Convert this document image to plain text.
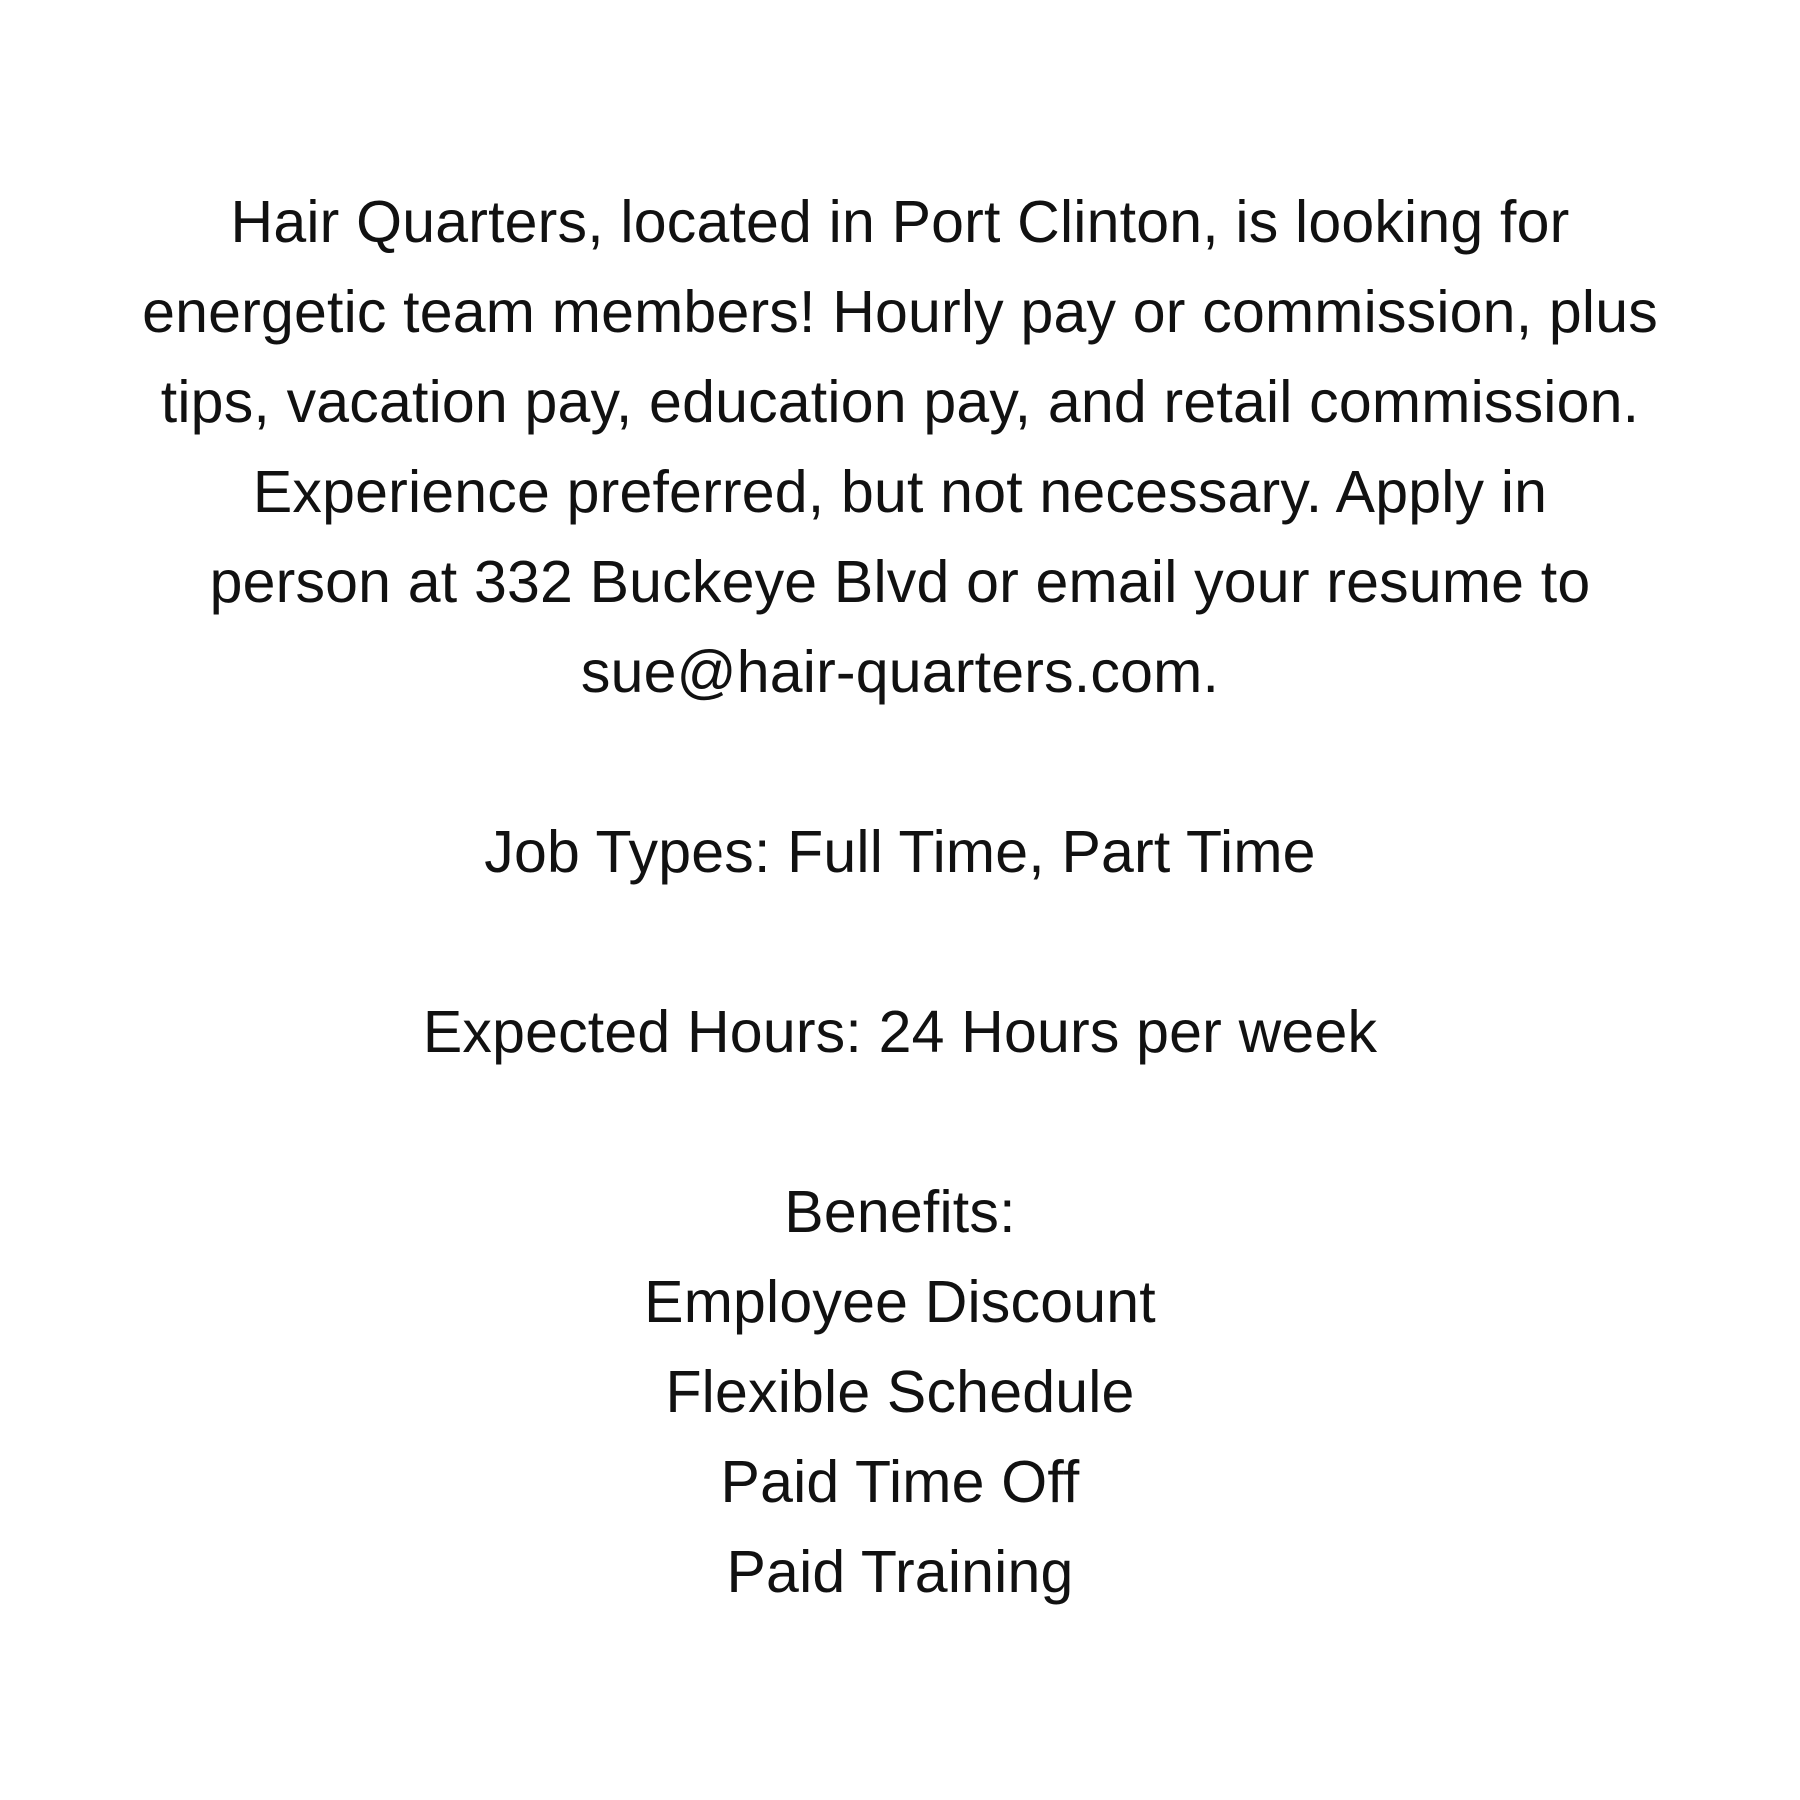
Hair Quarters, located in Port Clinton, is looking for
energetic team members! Hourly pay or commission, plus
tips, vacation pay, education pay, and retail commission.
Experience preferred, but not necessary. Apply in
person at 332 Buckeye Blvd or email your resume to
sue@hair-quarters.com.
Job Types: Full Time, Part Time
Expected Hours: 24 Hours per week
Benefits:
Employee Discount
Flexible Schedule
Paid Time Off
Paid Training
